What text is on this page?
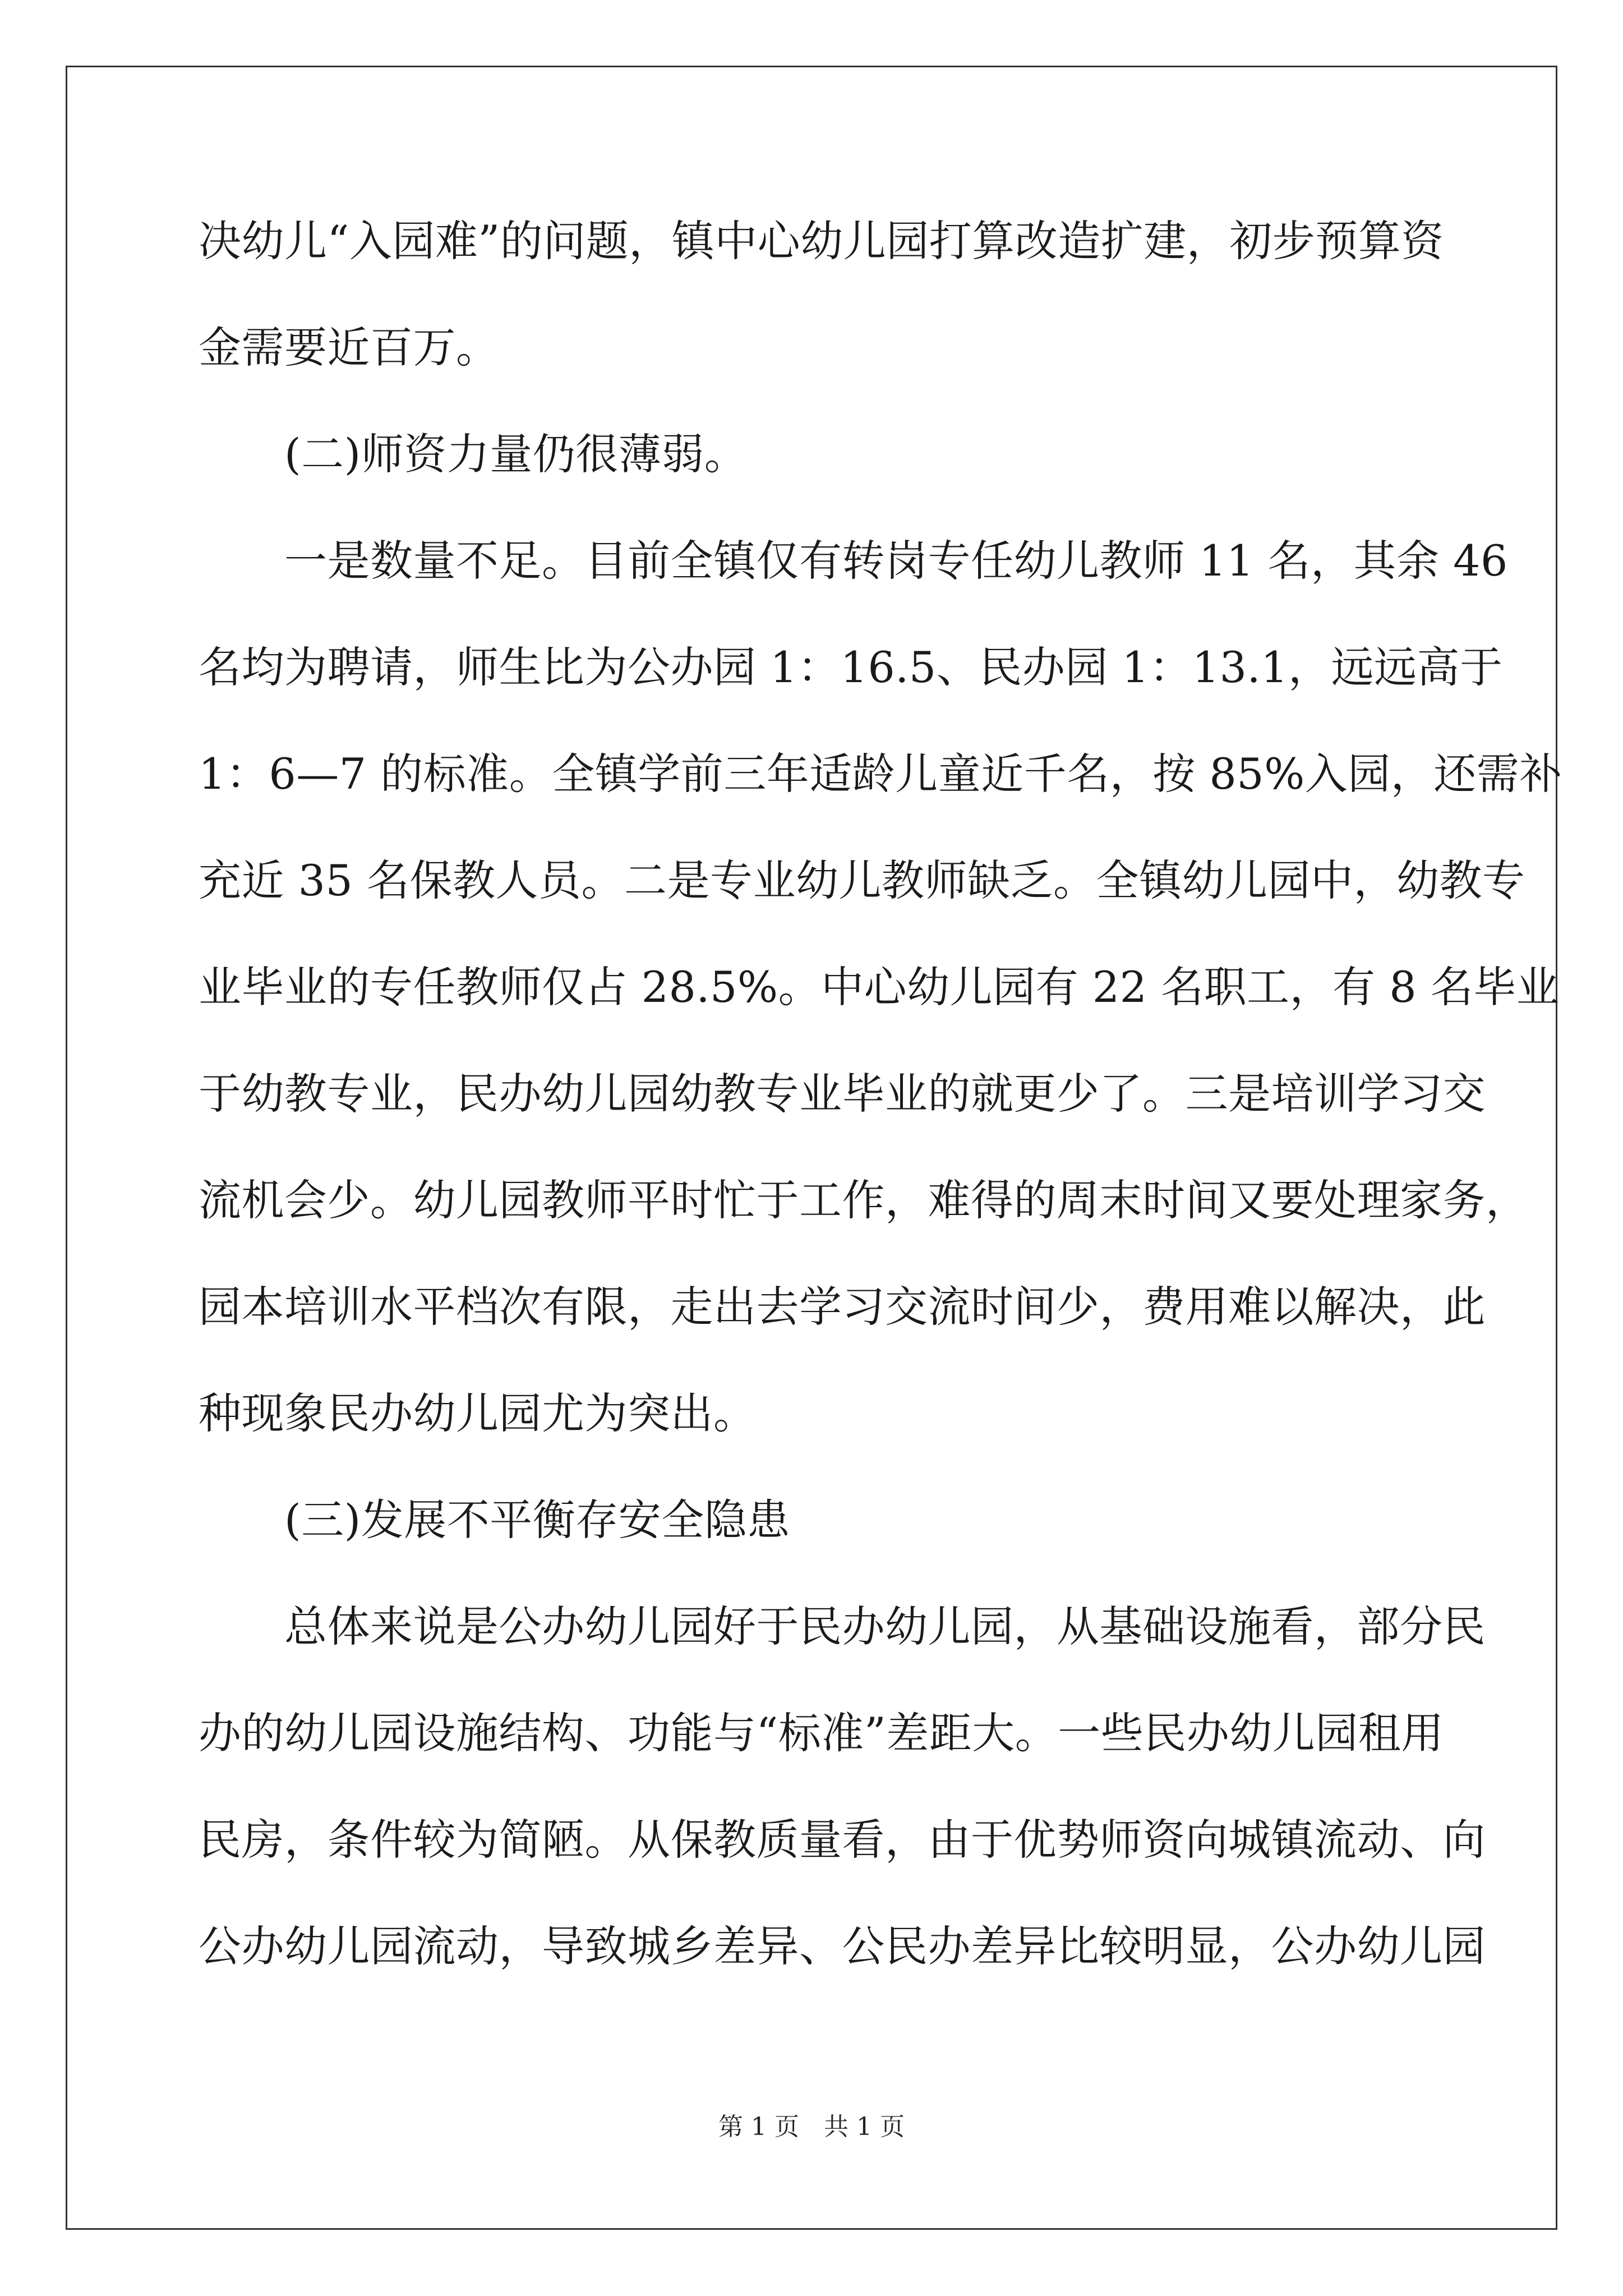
决幼儿“入园难”的问题，镇中心幼儿园打算改造扩建，初步预算资
金需要近百万。
　　(二)师资力量仍很薄弱。
　　一是数量不足。目前全镇仅有转岗专任幼儿教师 11 名，其余 46
名均为聘请，师生比为公办园 1：16.5、民办园 1：13.1，远远高于
1：6—7 的标准。全镇学前三年适龄儿童近千名，按 85%入园，还需补
充近 35 名保教人员。二是专业幼儿教师缺乏。全镇幼儿园中，幼教专
业毕业的专任教师仅占 28.5%。中心幼儿园有 22 名职工，有 8 名毕业
于幼教专业，民办幼儿园幼教专业毕业的就更少了。三是培训学习交
流机会少。幼儿园教师平时忙于工作，难得的周末时间又要处理家务，
园本培训水平档次有限，走出去学习交流时间少，费用难以解决，此
种现象民办幼儿园尤为突出。
　　(三)发展不平衡存安全隐患
　　总体来说是公办幼儿园好于民办幼儿园，从基础设施看，部分民
办的幼儿园设施结构、功能与“标准”差距大。一些民办幼儿园租用
民房，条件较为简陋。从保教质量看，由于优势师资向城镇流动、向
公办幼儿园流动，导致城乡差异、公民办差异比较明显，公办幼儿园
第 1 页　共 1 页
